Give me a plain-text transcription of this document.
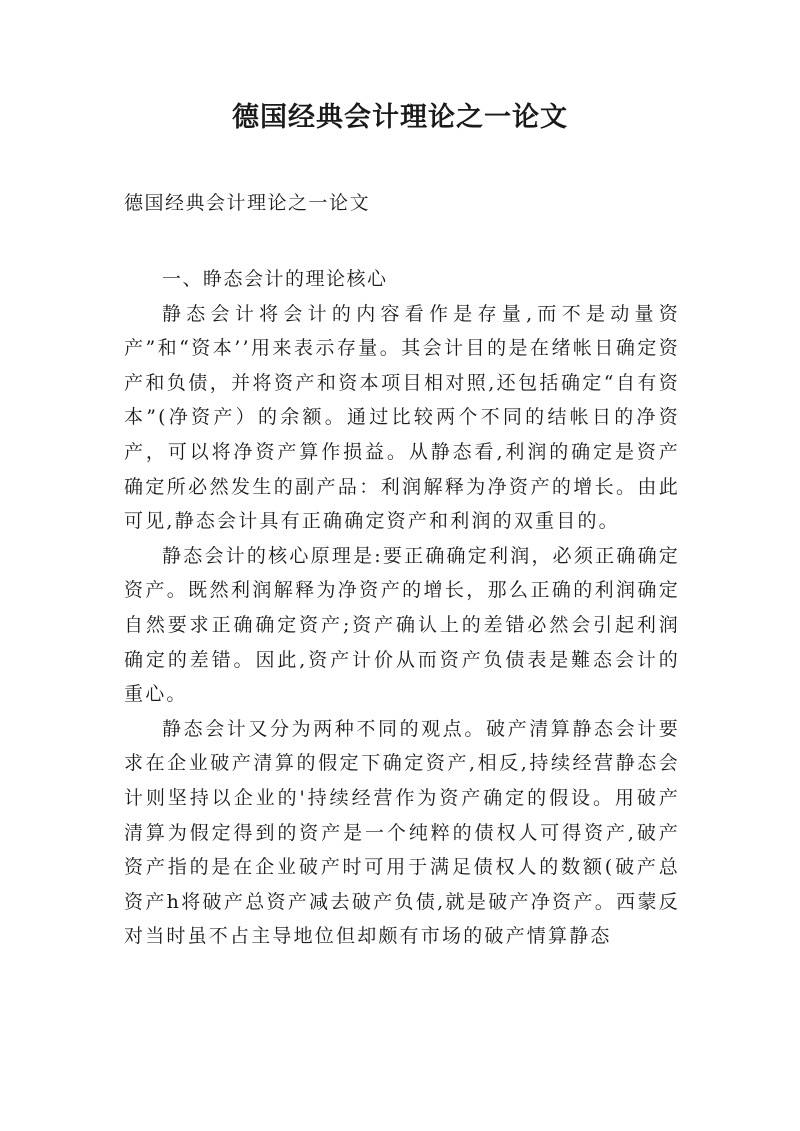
德国经典会计理论之一论文

德国经典会计理论之一论文

一、睁态会计的理论核心

静态会计将会计的内容看作是存量,而不是动量资产”和“资本’’用来表示存量。其会计目的是在绪帐日确定资产和负债，并将资产和资本项目相对照,还包括确定“自有资本”(净资产）的余额。通过比较两个不同的结帐日的净资产，可以将净资产算作损益。从静态看,利润的确定是资产确定所必然发生的副产品：利润解释为净资产的增长。由此可见,静态会计具有正确确定资产和利润的双重目的。

静态会计的核心原理是:要正确确定利润，必须正确确定资产。既然利润解释为净资产的增长，那么正确的利润确定自然要求正确确定资产;资产确认上的差错必然会引起利润确定的差错。因此,资产计价从而资产负债表是難态会计的重心。

静态会计又分为两种不同的观点。破产清算静态会计要求在企业破产清算的假定下确定资产,相反,持续经营静态会计则坚持以企业的'持续经营作为资产确定的假设。用破产清算为假定得到的资产是一个纯粹的债权人可得资产,破产资产指的是在企业破产时可用于满足债权人的数额(破产总资产h将破产总资产减去破产负债,就是破产净资产。西蒙反对当时虽不占主导地位但却颇有市场的破产情算静态
